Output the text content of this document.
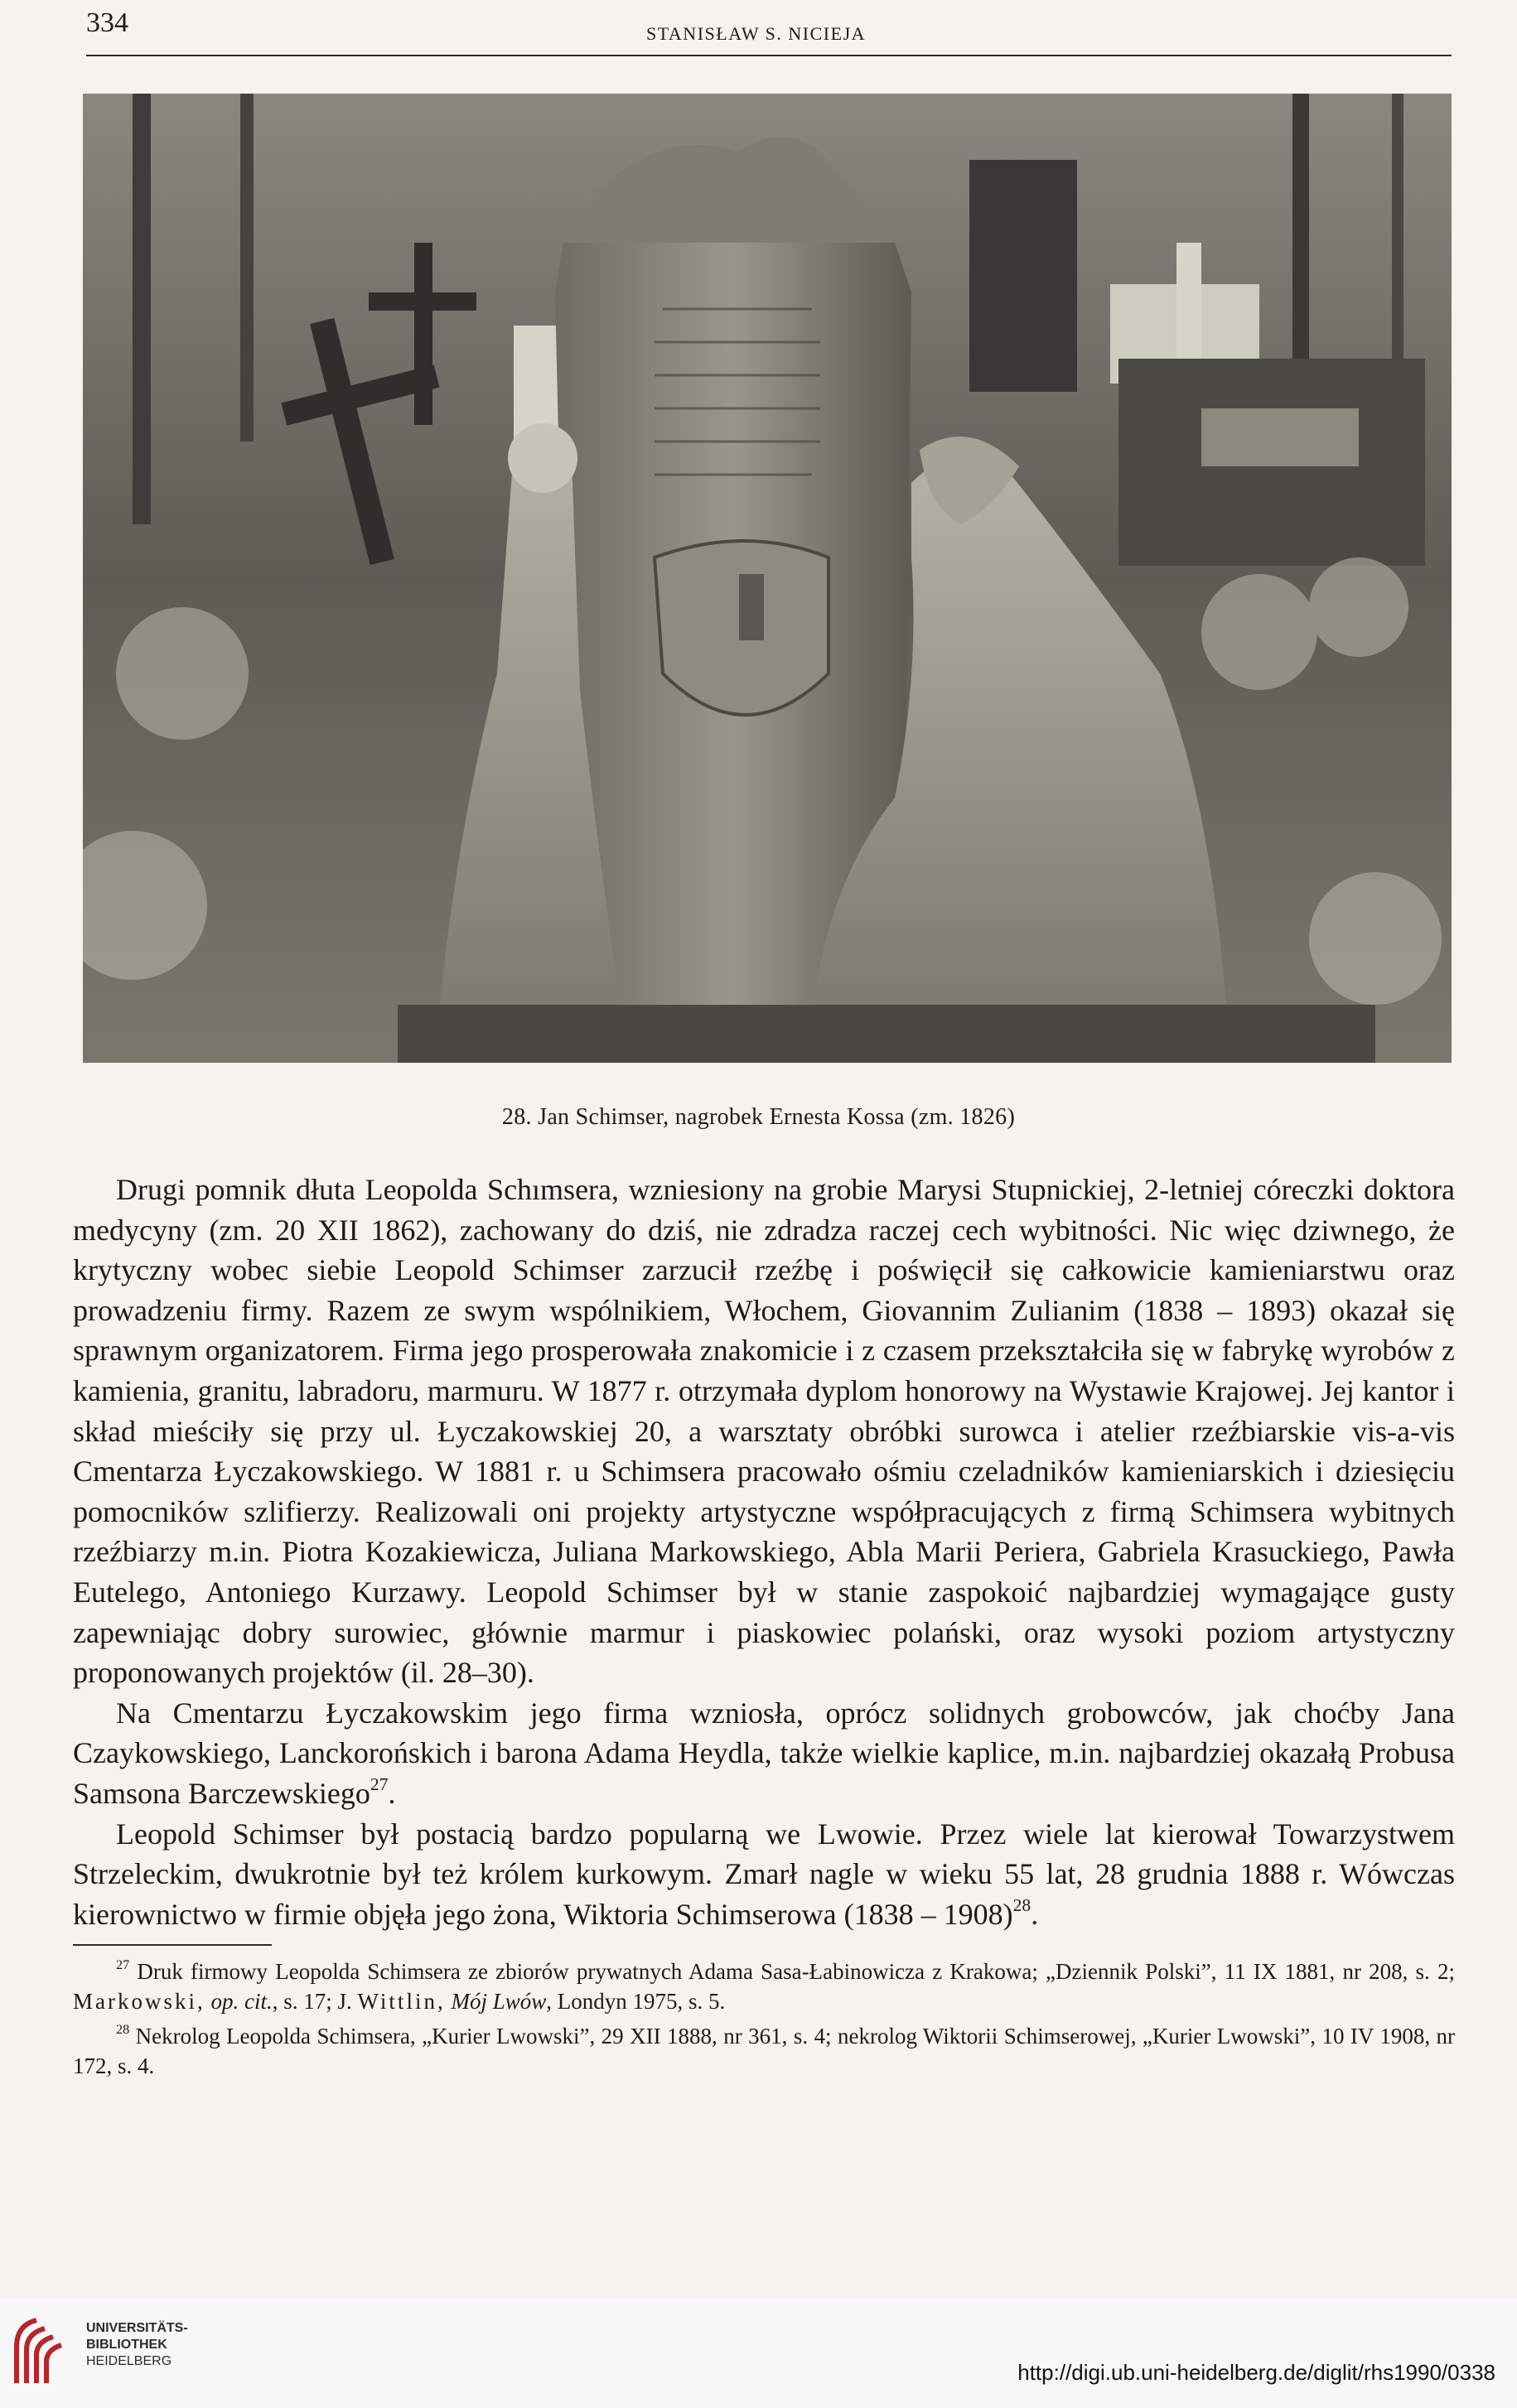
334	STANISŁAW S. NICIEJA
28. Jan Schimser, nagrobek Ernesta Kossa (zm. 1826)

Drugi pomnik dłuta Leopolda Schımsera, wzniesiony na grobie Marysi Stupnickiej, 2-letniej córeczki doktora medycyny (zm. 20 XII 1862), zachowany do dziś, nie zdradza raczej cech wybitności. Nic więc dziwnego, że krytyczny wobec siebie Leopold Schimser zarzucił rzeźbę i poświęcił się całkowicie kamieniarstwu oraz prowadzeniu firmy. Razem ze swym wspólnikiem, Włochem, Giovannim Zulianim (1838 – 1893) okazał się sprawnym organizatorem. Firma jego prosperowała znakomicie i z czasem przekształciła się w fabrykę wyrobów z kamienia, granitu, labradoru, marmuru. W 1877 r. otrzymała dyplom honorowy na Wystawie Krajowej. Jej kantor i skład mieściły się przy ul. Łyczakowskiej 20, a warsztaty obróbki surowca i atelier rzeźbiarskie vis-a-vis Cmentarza Łyczakowskiego. W 1881 r. u Schimsera pracowało ośmiu czeladników kamieniarskich i dziesięciu pomocników szlifierzy. Realizowali oni projekty artystyczne współpracujących z firmą Schimsera wybitnych rzeźbiarzy m.in. Piotra Kozakiewicza, Juliana Markowskiego, Abla Marii Periera, Gabriela Krasuckiego, Pawła Eutelego, Antoniego Kurzawy. Leopold Schimser był w stanie zaspokoić najbardziej wymagające gusty zapewniając dobry surowiec, głównie marmur i piaskowiec polański, oraz wysoki poziom artystyczny proponowanych projektów (il. 28–30).

Na Cmentarzu Łyczakowskim jego firma wzniosła, oprócz solidnych grobowców, jak choćby Jana Czaykowskiego, Lanckorońskich i barona Adama Heydla, także wielkie kaplice, m.in. najbardziej okazałą Probusa Samsona Barczewskiego$^{27}$.

Leopold Schimser był postacią bardzo popularną we Lwowie. Przez wiele lat kierował Towarzystwem Strzeleckim, dwukrotnie był też królem kurkowym. Zmarł nagle w wieku 55 lat, 28 grudnia 1888 r. Wówczas kierownictwo w firmie objęła jego żona, Wiktoria Schimserowa (1838 – 1908)$^{28}$.

$^{27}$ Druk firmowy Leopolda Schimsera ze zbiorów prywatnych Adama Sasa-Łabinowicza z Krakowa; „Dziennik Polski”, 11 IX 1881, nr 208, s. 2; Markowski, op. cit., s. 17; J. Wittlin, Mój Lwów, Londyn 1975, s. 5.

$^{28}$ Nekrolog Leopolda Schimsera, „Kurier Lwowski”, 29 XII 1888, nr 361, s. 4; nekrolog Wiktorii Schimserowej, „Kurier Lwowski”, 10 IV 1908, nr 172, s. 4.

UNIVERSITÄTS-
BIBLIOTHEK
HEIDELBERG	http://digi.ub.uni-heidelberg.de/diglit/rhs1990/0338
